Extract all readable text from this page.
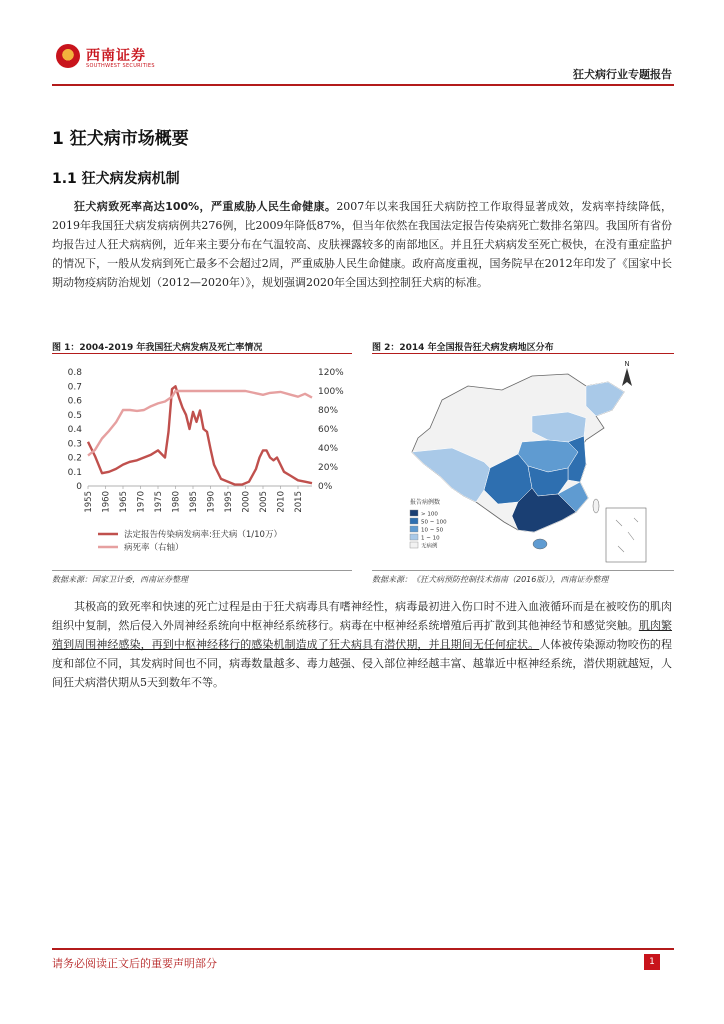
西南证券
SOUTHWEST SECURITIES
狂犬病行业专题报告
1 狂犬病市场概要
1.1 狂犬病发病机制
狂犬病致死率高达100%，严重威胁人民生命健康。2007年以来我国狂犬病防控工作取得显著成效，发病率持续降低，2019年我国狂犬病发病病例共276例，比2009年降低87%，但当年依然在我国法定报告传染病死亡数排名第四。我国所有省份均报告过人狂犬病病例，近年来主要分布在气温较高、皮肤裸露较多的南部地区。并且狂犬病病发至死亡极快，在没有重症监护的情况下，一般从发病到死亡最多不会超过2周，严重威胁人民生命健康。政府高度重视，国务院早在2012年印发了《国家中长期动物疫病防治规划（2012—2020年）》，规划强调2020年全国达到控制狂犬病的标准。
图 1：2004-2019 年我国狂犬病发病及死亡率情况
0
0.1
0.2
0.3
0.4
0.5
0.6
0.7
0.8
0%
20%
40%
60%
80%
100%
120%
1955 1960 1965 1970 1975 1980 1985 1990 1995 2000 2005 2010 2015
法定报告传染病发病率:狂犬病（1/10万）
病死率（右轴）
数据来源：国家卫计委，西南证券整理
图 2：2014 年全国报告狂犬病发病地区分布
N
报告病例数
> 100
50 ~ 100
10 ~ 50
1 ~ 10
无病例
数据来源：《狂犬病预防控制技术指南（2016版）》，西南证券整理
其极高的致死率和快速的死亡过程是由于狂犬病毒具有嗜神经性，病毒最初进入伤口时不进入血液循环而是在被咬伤的肌肉组织中复制，然后侵入外周神经系统向中枢神经系统移行。病毒在中枢神经系统增殖后再扩散到其他神经节和感觉突触。肌肉繁殖到周围神经感染，再到中枢神经移行的感染机制造成了狂犬病具有潜伏期，并且期间无任何症状。人体被传染源动物咬伤的程度和部位不同，其发病时间也不同，病毒数量越多、毒力越强、侵入部位神经越丰富、越靠近中枢神经系统，潜伏期就越短，人间狂犬病潜伏期从5天到数年不等。
请务必阅读正文后的重要声明部分	1
